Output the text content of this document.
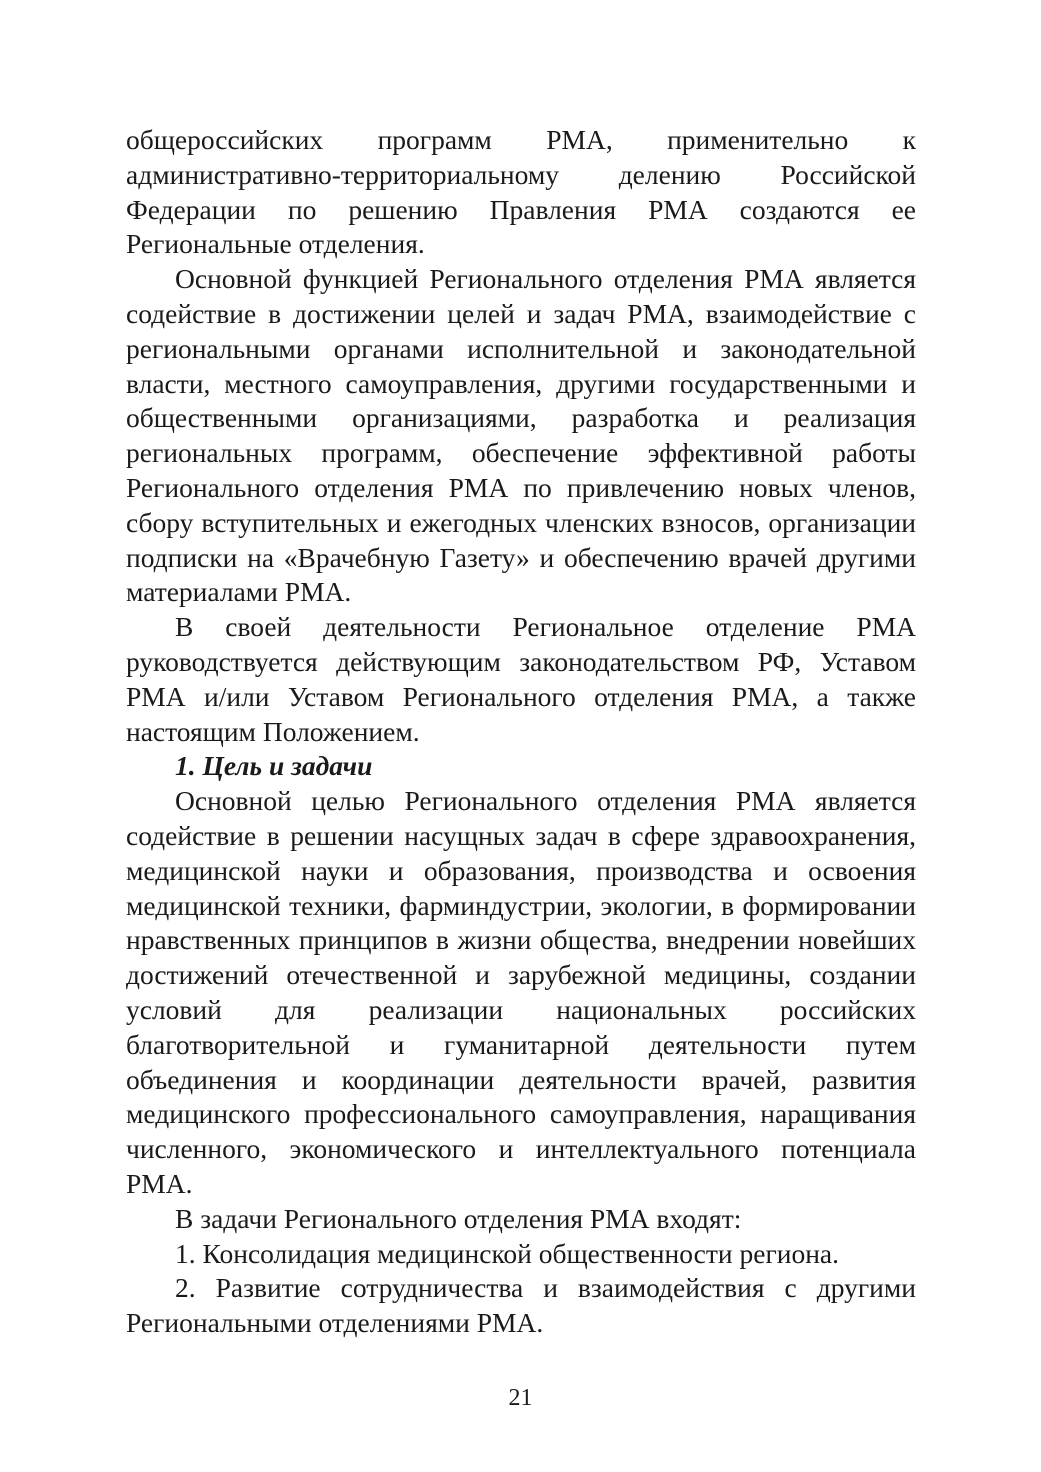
общероссийских программ РМА, применительно к административно-территориальному делению Российской Федерации по решению Правления РМА создаются ее Региональные отделения.

Основной функцией Регионального отделения РМА является содействие в достижении целей и задач РМА, взаимодействие с региональными органами исполнительной и законодательной власти, местного самоуправления, другими государственными и общественными организациями, разработка и реализация региональных программ, обеспечение эффективной работы Регионального отделения РМА по привлечению новых членов, сбору вступительных и ежегодных членских взносов, организации подписки на «Врачебную Газету» и обеспечению врачей другими материалами РМА.

В своей деятельности Региональное отделение РМА руководствуется действующим законодательством РФ, Уставом РМА и/или Уставом Регионального отделения РМА, а также настоящим Положением.

1. Цель и задачи

Основной целью Регионального отделения РМА является содействие в решении насущных задач в сфере здравоохранения, медицинской науки и образования, производства и освоения медицинской техники, фарминдустрии, экологии, в формировании нравственных принципов в жизни общества, внедрении новейших достижений отечественной и зарубежной медицины, создании условий для реализации национальных российских благотворительной и гуманитарной деятельности путем объединения и координации деятельности врачей, развития медицинского профессионального самоуправления, наращивания численного, экономического и интеллектуального потенциала РМА.

В задачи Регионального отделения РМА входят:

1. Консолидация медицинской общественности региона.

2. Развитие сотрудничества и взаимодействия с другими Региональными отделениями РМА.

21
